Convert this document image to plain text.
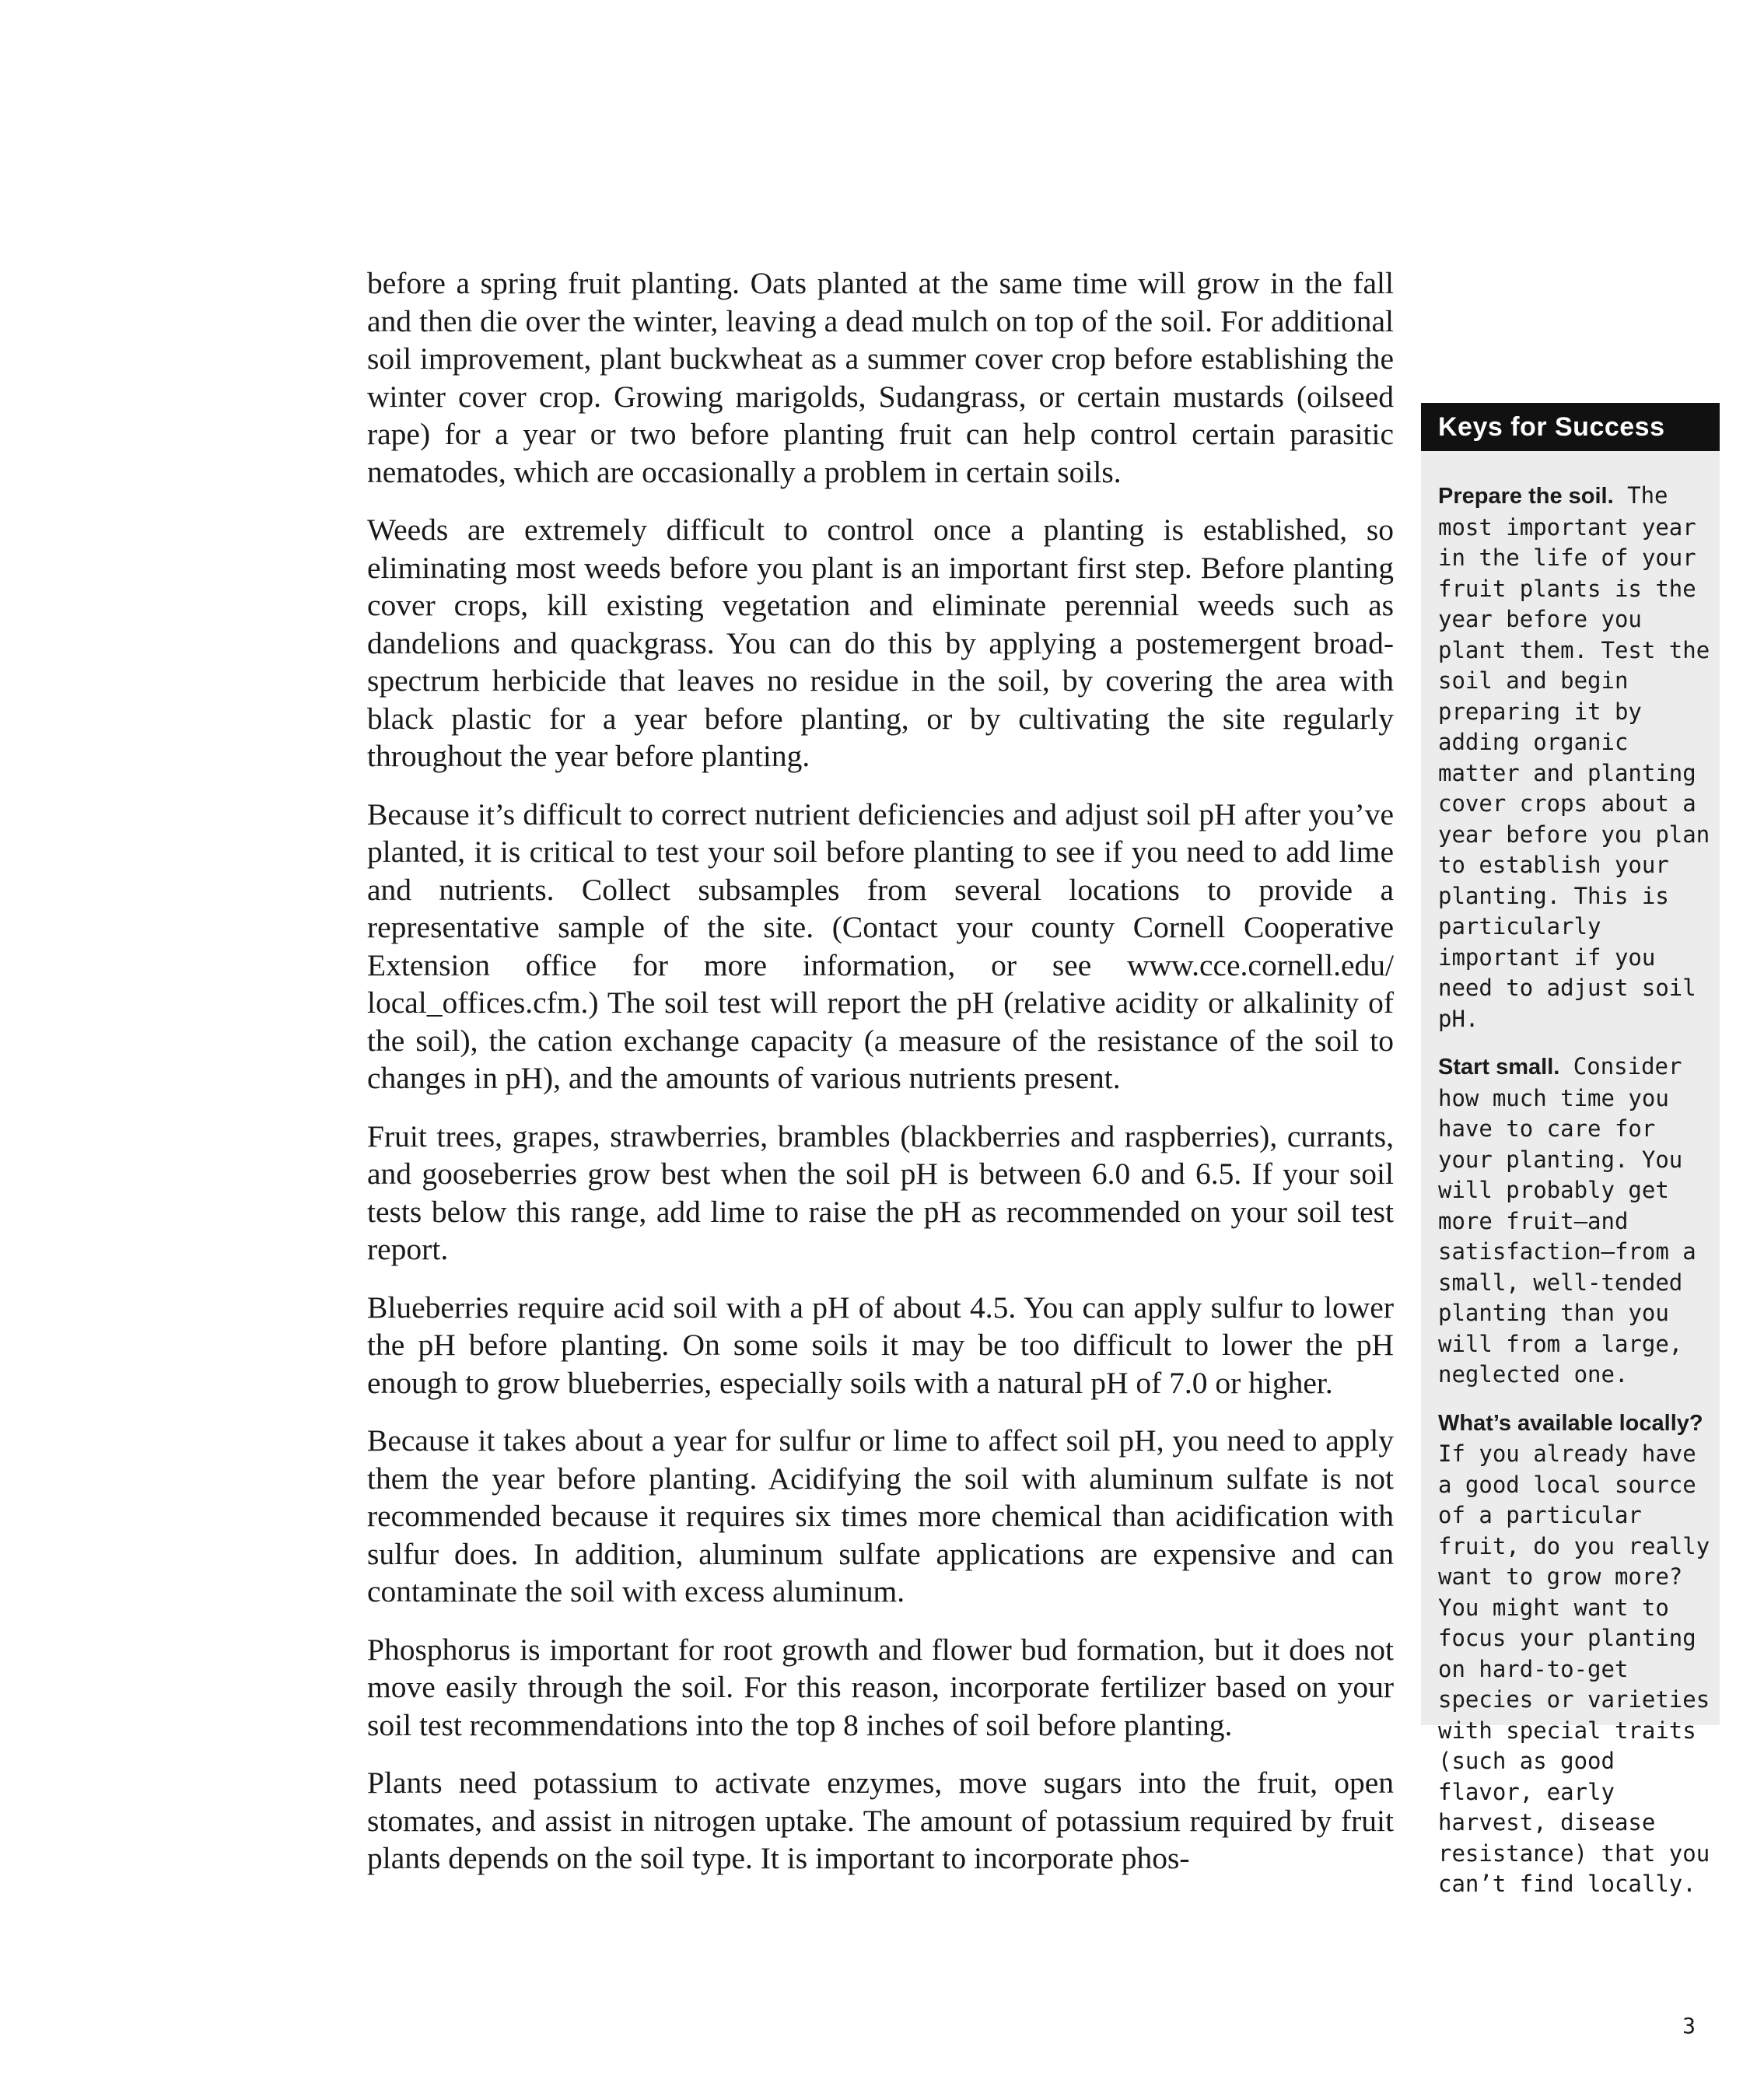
before a spring fruit planting. Oats planted at the same time will grow in the fall and then die over the winter, leaving a dead mulch on top of the soil. For additional soil improvement, plant buckwheat as a summer cover crop before establishing the winter cover crop. Growing marigolds, Sudangrass, or certain mustards (oilseed rape) for a year or two before planting fruit can help control certain parasitic nematodes, which are occasionally a problem in certain soils.

Weeds are extremely difficult to control once a planting is established, so eliminating most weeds before you plant is an important first step. Before planting cover crops, kill existing vegetation and eliminate perennial weeds such as dandelions and quackgrass. You can do this by applying a postemergent broad-spectrum herbicide that leaves no residue in the soil, by covering the area with black plastic for a year before planting, or by cultivating the site regularly throughout the year before planting.

Because it’s difficult to correct nutrient deficiencies and adjust soil pH after you’ve planted, it is critical to test your soil before planting to see if you need to add lime and nutrients. Collect subsamples from several locations to provide a representative sample of the site. (Contact your county Cornell Cooperative Extension office for more information, or see www.cce.cornell.edu/ local_offices.cfm.) The soil test will report the pH (relative acidity or alkalinity of the soil), the cation exchange capacity (a measure of the resistance of the soil to changes in pH), and the amounts of various nutrients present.

Fruit trees, grapes, strawberries, brambles (blackberries and raspberries), currants, and gooseberries grow best when the soil pH is between 6.0 and 6.5. If your soil tests below this range, add lime to raise the pH as recommended on your soil test report.

Blueberries require acid soil with a pH of about 4.5. You can apply sulfur to lower the pH before planting. On some soils it may be too difficult to lower the pH enough to grow blueberries, especially soils with a natural pH of 7.0 or higher.

Because it takes about a year for sulfur or lime to affect soil pH, you need to apply them the year before planting. Acidifying the soil with aluminum sulfate is not recommended because it requires six times more chemical than acidification with sulfur does. In addition, aluminum sulfate applications are expensive and can contaminate the soil with excess aluminum.

Phosphorus is important for root growth and flower bud formation, but it does not move easily through the soil. For this reason, incorporate fertilizer based on your soil test recommendations into the top 8 inches of soil before planting.

Plants need potassium to activate enzymes, move sugars into the fruit, open stomates, and assist in nitrogen uptake. The amount of potassium required by fruit plants depends on the soil type. It is important to incorporate phos-

Keys for Success

Prepare the soil. The most important year in the life of your fruit plants is the year before you plant them. Test the soil and begin preparing it by adding organic matter and planting cover crops about a year before you plan to establish your planting. This is particularly important if you need to adjust soil pH.

Start small. Consider how much time you have to care for your planting. You will probably get more fruit—and satisfaction—from a small, well-tended planting than you will from a large, neglected one.

What’s available locally? If you already have a good local source of a particular fruit, do you really want to grow more? You might want to focus your planting on hard-to-get species or varieties with special traits (such as good flavor, early harvest, disease resistance) that you can’t find locally.

3
